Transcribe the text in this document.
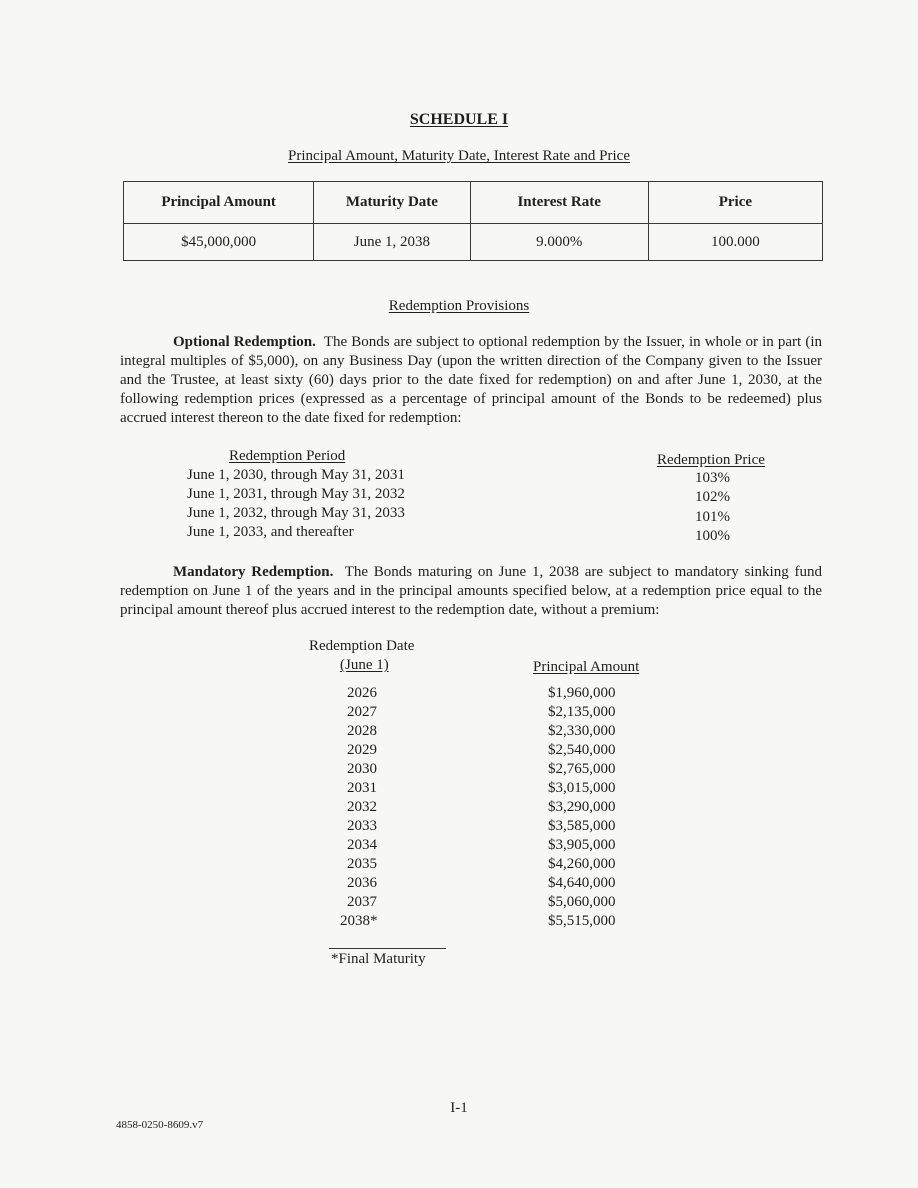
SCHEDULE I
Principal Amount, Maturity Date, Interest Rate and Price
Principal Amount	Maturity Date	Interest Rate	Price
$45,000,000	June 1, 2038	9.000%	100.000
Redemption Provisions

Optional Redemption. The Bonds are subject to optional redemption by the Issuer, in whole or in part (in integral multiples of $5,000), on any Business Day (upon the written direction of the Company given to the Issuer and the Trustee, at least sixty (60) days prior to the date fixed for redemption) on and after June 1, 2030, at the following redemption prices (expressed as a percentage of principal amount of the Bonds to be redeemed) plus accrued interest thereon to the date fixed for redemption:

Redemption Period	Redemption Price
June 1, 2030, through May 31, 2031	103%
June 1, 2031, through May 31, 2032	102%
June 1, 2032, through May 31, 2033	101%
June 1, 2033, and thereafter	100%

Mandatory Redemption. The Bonds maturing on June 1, 2038 are subject to mandatory sinking fund redemption on June 1 of the years and in the principal amounts specified below, at a redemption price equal to the principal amount thereof plus accrued interest to the redemption date, without a premium:

Redemption Date
(June 1)	Principal Amount
2026	$1,960,000
2027	$2,135,000
2028	$2,330,000
2029	$2,540,000
2030	$2,765,000
2031	$3,015,000
2032	$3,290,000
2033	$3,585,000
2034	$3,905,000
2035	$4,260,000
2036	$4,640,000
2037	$5,060,000
2038*	$5,515,000
*Final Maturity
I-1
4858-0250-8609.v7
